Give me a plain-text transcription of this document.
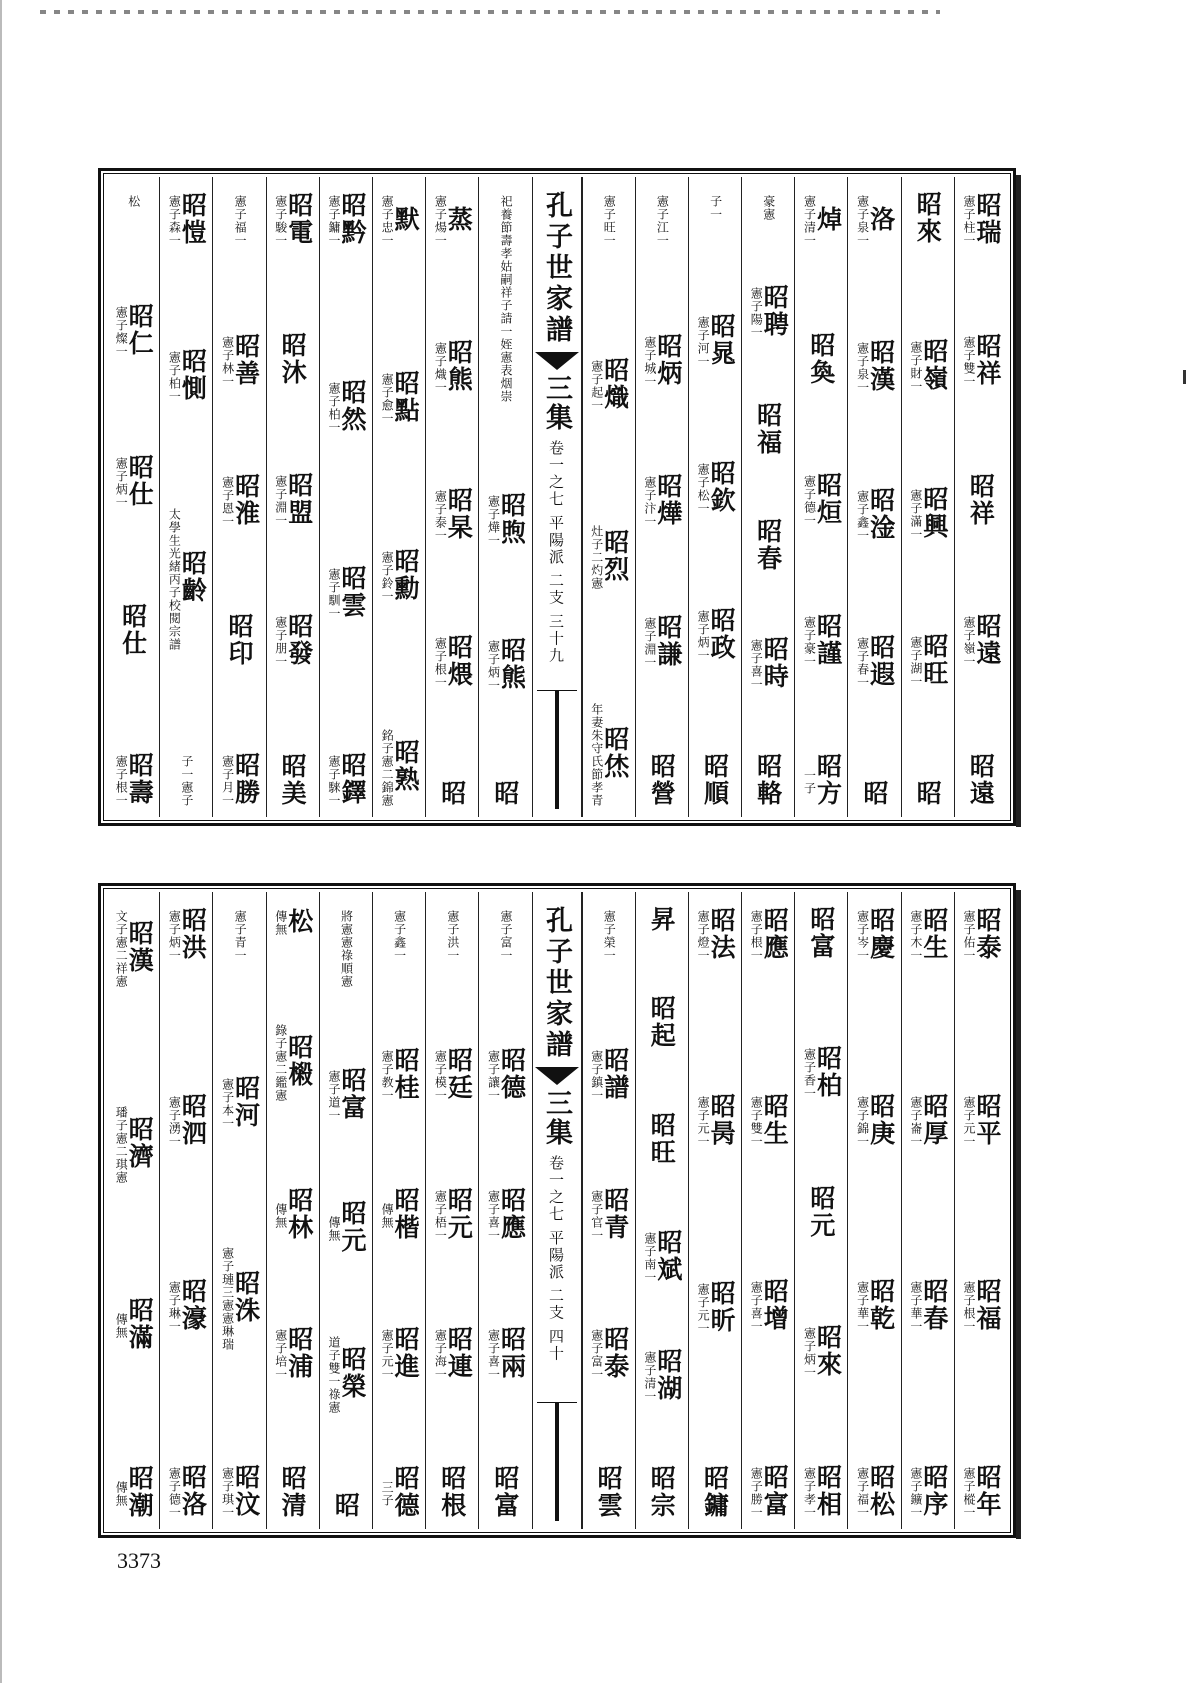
昭瑞
憲子柱一
昭祥
憲子雙一
昭祥
昭遠
憲子嶺一
昭遠
昭來
昭嶺
憲子財一
昭興
憲子滿一
昭旺
憲子湖一
昭
洛
憲子泉一
昭漢
憲子泉一
昭淦
憲子鑫一
昭遐
憲子春一
昭
焯
憲子清一
昭奐
昭烜
憲子德一
昭謹
憲子豪一
昭方
一子
豪憲
昭聘
憲子陽一
昭福
昭春
昭時
憲子喜一
昭輅
子一
昭晁
憲子河一
昭欽
憲子松一
昭政
憲子炳一
昭順
憲子江一
昭炳
憲子城一
昭燁
憲子汴一
昭謙
憲子淵一
昭營
憲子旺一
昭熾
憲子起一
昭烈
灶子二灼憲
昭烋
年妻朱守氏節孝青
孔子世家譜
三集
卷一之七 平陽派 二支 三十九
祀養節壽孝姑嗣祥子請一姪憲表烟崇
昭煦
憲子燁一
昭熊
憲子炳一
昭
蒸
憲子煬一
昭熊
憲子熾一
昭杲
憲子泰一
昭煨
憲子根一
昭
默
憲子忠一
昭點
憲子愈一
昭勳
憲子鈴一
昭熟
銘子憲二錦憲
昭黔
憲子鏞一
昭然
憲子柏一
昭雲
憲子馴一
昭鐸
憲子騋一
昭電
憲子駿一
昭沐
昭盟
憲子淵一
昭發
憲子朋一
昭美
憲子福一
昭善
憲子林一
昭淮
憲子恩一
昭印
昭勝
憲子月一
昭愷
憲子森一
昭惻
憲子柏一
昭齡
太學生光緒丙子校閱宗譜
子一憲子
松
昭仁
憲子燦一
昭仕
憲子炳一
昭仕
昭壽
憲子根一
昭泰
憲子佑一
昭平
憲子元一
昭福
憲子根一
昭年
憲子樅一
昭生
憲子木一
昭厚
憲子崙一
昭春
憲子華一
昭序
憲子鑛一
昭慶
憲子岑一
昭庚
憲子錦一
昭乾
憲子華一
昭松
憲子福一
昭富
昭柏
憲子香一
昭元
昭來
憲子炳一
昭相
憲子孝一
昭應
憲子根一
昭生
憲子雙一
昭增
憲子喜一
昭富
憲子勝一
昭法
憲子燈一
昭昺
憲子元一
昭昕
憲子元一
昭鏞
昇
昭起
昭旺
昭斌
憲子南一
昭湖
憲子清一
昭宗
憲子榮一
昭譜
憲子鎮一
昭青
憲子官一
昭泰
憲子富一
昭雲
孔子世家譜
三集
卷一之七 平陽派 二支 四十
憲子富一
昭德
憲子讓一
昭應
憲子喜一
昭兩
憲子喜一
昭富
憲子洪一
昭廷
憲子模一
昭元
憲子梧一
昭連
憲子海一
昭根
憲子鑫一
昭桂
憲子教一
昭楷
傳無
昭進
憲子元一
昭德
三子
將憲憲祿順憲
昭富
憲子道一
昭元
傳無
昭榮
道子雙一祿憲
昭
松
傳無
昭樧
錄子憲二鑑憲
昭林
傳無
昭浦
憲子培一
昭清
憲子青一
昭河
憲子本一
昭洙
憲子璉三憲憲琳瑞
昭汶
憲子琪一
昭洪
憲子炳一
昭泗
憲子湧一
昭濠
憲子琳一
昭洛
憲子德一
昭漢
文子憲二祥憲
昭濟
璠子憲二琪憲
昭滿
傳無
昭潮
傳無
3373
